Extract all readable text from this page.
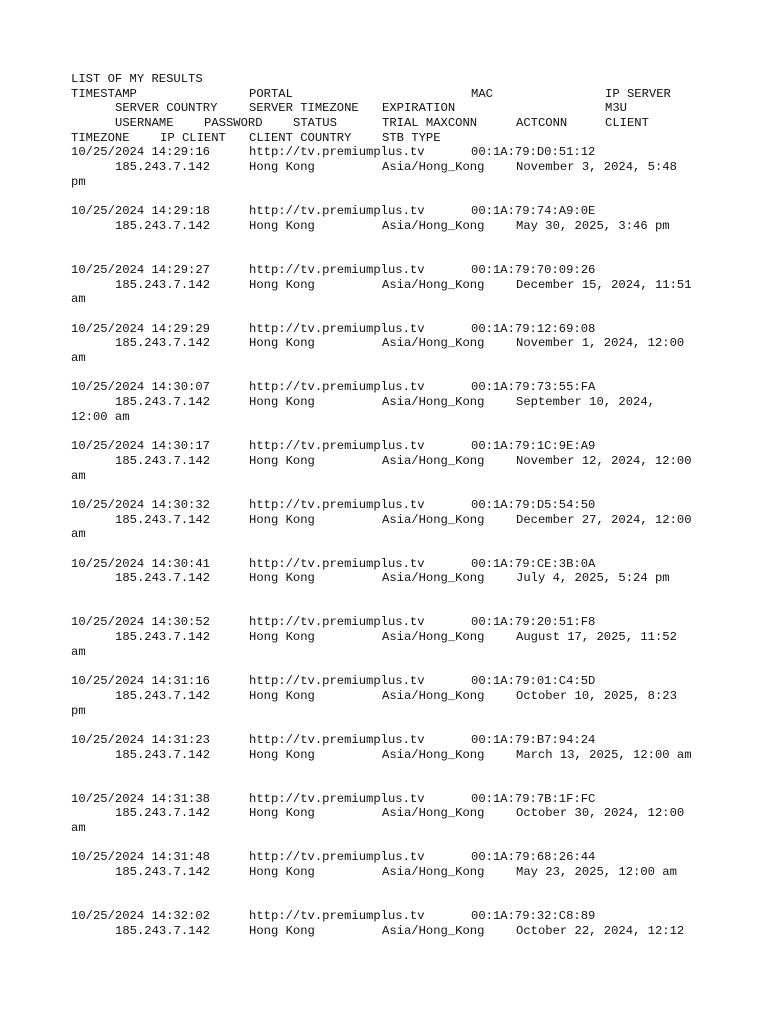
LIST OF MY RESULTS
TIMESTAMP	PORTAL	MAC	IP SERVER
SERVER COUNTRY	SERVER TIMEZONE EXPIRATION	M3U
USERNAME PASSWORD STATUS	TRIAL MAXCONN	ACTCONN	CLIENT
TIMEZONE IP CLIENT CLIENT COUNTRY	STB TYPE
10/25/2024 14:29:16	http://tv.premiumplus.tv	00:1A:79:D0:51:12
185.243.7.142	Hong Kong	Asia/Hong_Kong	November 3, 2024, 5:48
pm
10/25/2024 14:29:18	http://tv.premiumplus.tv	00:1A:79:74:A9:0E
185.243.7.142	Hong Kong	Asia/Hong_Kong	May 30, 2025, 3:46 pm
10/25/2024 14:29:27	http://tv.premiumplus.tv	00:1A:79:70:09:26
185.243.7.142	Hong Kong	Asia/Hong_Kong	December 15, 2024, 11:51
am
10/25/2024 14:29:29	http://tv.premiumplus.tv	00:1A:79:12:69:08
185.243.7.142	Hong Kong	Asia/Hong_Kong	November 1, 2024, 12:00
am
10/25/2024 14:30:07	http://tv.premiumplus.tv	00:1A:79:73:55:FA
185.243.7.142	Hong Kong	Asia/Hong_Kong	September 10, 2024,
12:00 am
10/25/2024 14:30:17	http://tv.premiumplus.tv	00:1A:79:1C:9E:A9
185.243.7.142	Hong Kong	Asia/Hong_Kong	November 12, 2024, 12:00
am
10/25/2024 14:30:32	http://tv.premiumplus.tv	00:1A:79:D5:54:50
185.243.7.142	Hong Kong	Asia/Hong_Kong	December 27, 2024, 12:00
am
10/25/2024 14:30:41	http://tv.premiumplus.tv	00:1A:79:CE:3B:0A
185.243.7.142	Hong Kong	Asia/Hong_Kong	July 4, 2025, 5:24 pm
10/25/2024 14:30:52	http://tv.premiumplus.tv	00:1A:79:20:51:F8
185.243.7.142	Hong Kong	Asia/Hong_Kong	August 17, 2025, 11:52
am
10/25/2024 14:31:16	http://tv.premiumplus.tv	00:1A:79:01:C4:5D
185.243.7.142	Hong Kong	Asia/Hong_Kong	October 10, 2025, 8:23
pm
10/25/2024 14:31:23	http://tv.premiumplus.tv	00:1A:79:B7:94:24
185.243.7.142	Hong Kong	Asia/Hong_Kong	March 13, 2025, 12:00 am
10/25/2024 14:31:38	http://tv.premiumplus.tv	00:1A:79:7B:1F:FC
185.243.7.142	Hong Kong	Asia/Hong_Kong	October 30, 2024, 12:00
am
10/25/2024 14:31:48	http://tv.premiumplus.tv	00:1A:79:68:26:44
185.243.7.142	Hong Kong	Asia/Hong_Kong	May 23, 2025, 12:00 am
10/25/2024 14:32:02	http://tv.premiumplus.tv	00:1A:79:32:C8:89
185.243.7.142	Hong Kong	Asia/Hong_Kong	October 22, 2024, 12:12
